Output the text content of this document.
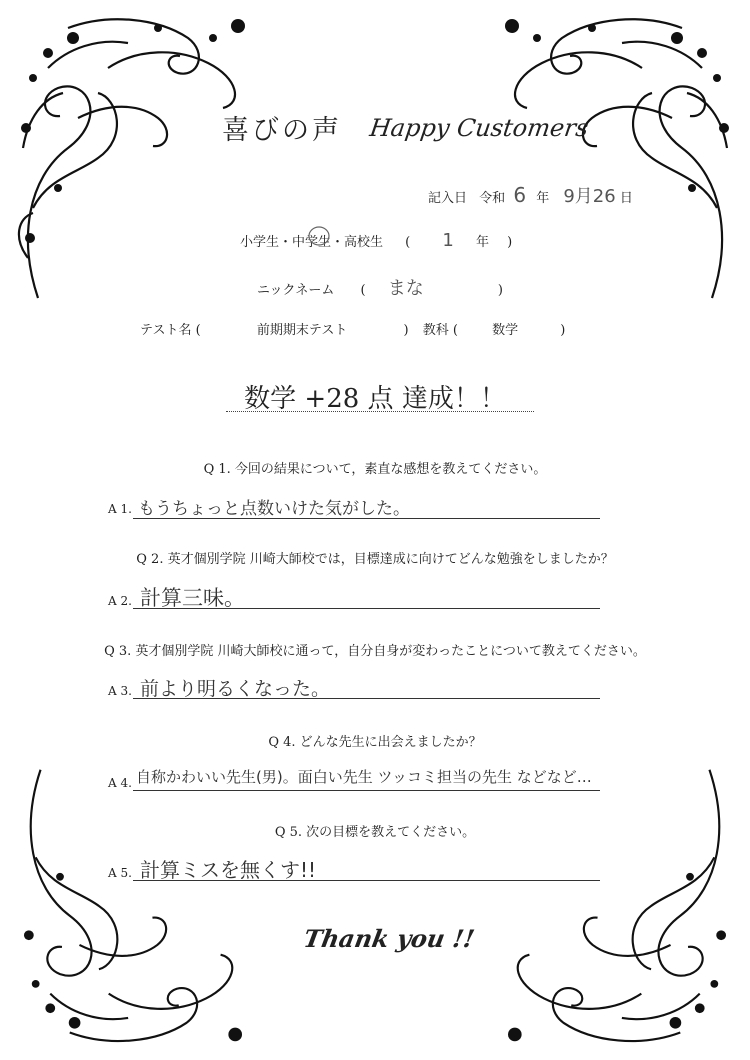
喜びの声 Happy Customers
記入日 令和 6 年 9月26 日
小学生・中学生・高校生 ( 1 年 )
ニックネーム ( まな	)
テスト名 (	前期期末テスト	) 教科 (	数学	)
数学 +28 点 達成！！
Q 1. 今回の結果について，素直な感想を教えてください。
A 1. もうちょっと点数いけた気がした。
Q 2. 英才個別学院 川崎大師校では，目標達成に向けてどんな勉強をしましたか？
A 2. 計算三味。
Q 3. 英才個別学院 川崎大師校に通って，自分自身が変わったことについて教えてください。
A 3. 前より明るくなった。
Q 4. どんな先生に出会えましたか？
A 4. 自称かわいい先生(男)。面白い先生 ツッコミ担当の先生 などなど…
Q 5. 次の目標を教えてください。
A 5. 計算ミスを無くす!!
Thank you !!
